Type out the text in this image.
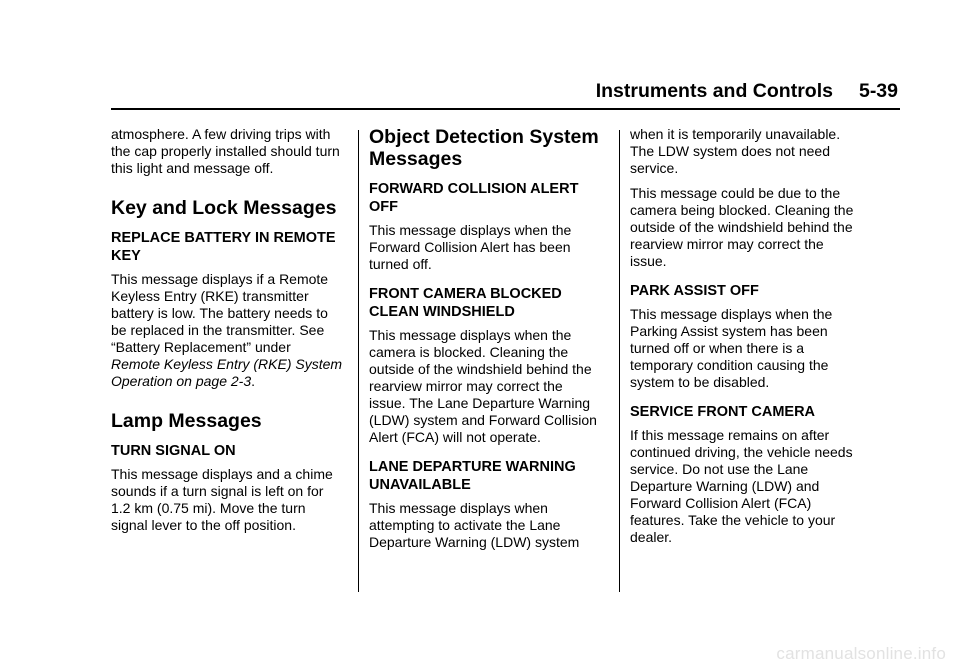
Instruments and Controls 5-39

atmosphere. A few driving trips with the cap properly installed should turn this light and message off.

Key and Lock Messages
REPLACE BATTERY IN REMOTE KEY

This message displays if a Remote Keyless Entry (RKE) transmitter battery is low. The battery needs to be replaced in the transmitter. See “Battery Replacement” under
Remote Keyless Entry (RKE) System Operation on page 2-3.

Lamp Messages
TURN SIGNAL ON

This message displays and a chime sounds if a turn signal is left on for 1.2 km (0.75 mi). Move the turn signal lever to the off position.

Object Detection System Messages
FORWARD COLLISION ALERT OFF

This message displays when the Forward Collision Alert has been turned off.

FRONT CAMERA BLOCKED CLEAN WINDSHIELD

This message displays when the camera is blocked. Cleaning the outside of the windshield behind the rearview mirror may correct the issue. The Lane Departure Warning (LDW) system and Forward Collision Alert (FCA) will not operate.

LANE DEPARTURE WARNING UNAVAILABLE

This message displays when attempting to activate the Lane Departure Warning (LDW) system

when it is temporarily unavailable. The LDW system does not need service.

This message could be due to the camera being blocked. Cleaning the outside of the windshield behind the rearview mirror may correct the issue.

PARK ASSIST OFF

This message displays when the Parking Assist system has been turned off or when there is a temporary condition causing the system to be disabled.

SERVICE FRONT CAMERA

If this message remains on after continued driving, the vehicle needs service. Do not use the Lane Departure Warning (LDW) and Forward Collision Alert (FCA) features. Take the vehicle to your dealer.

carmanualsonline.info
